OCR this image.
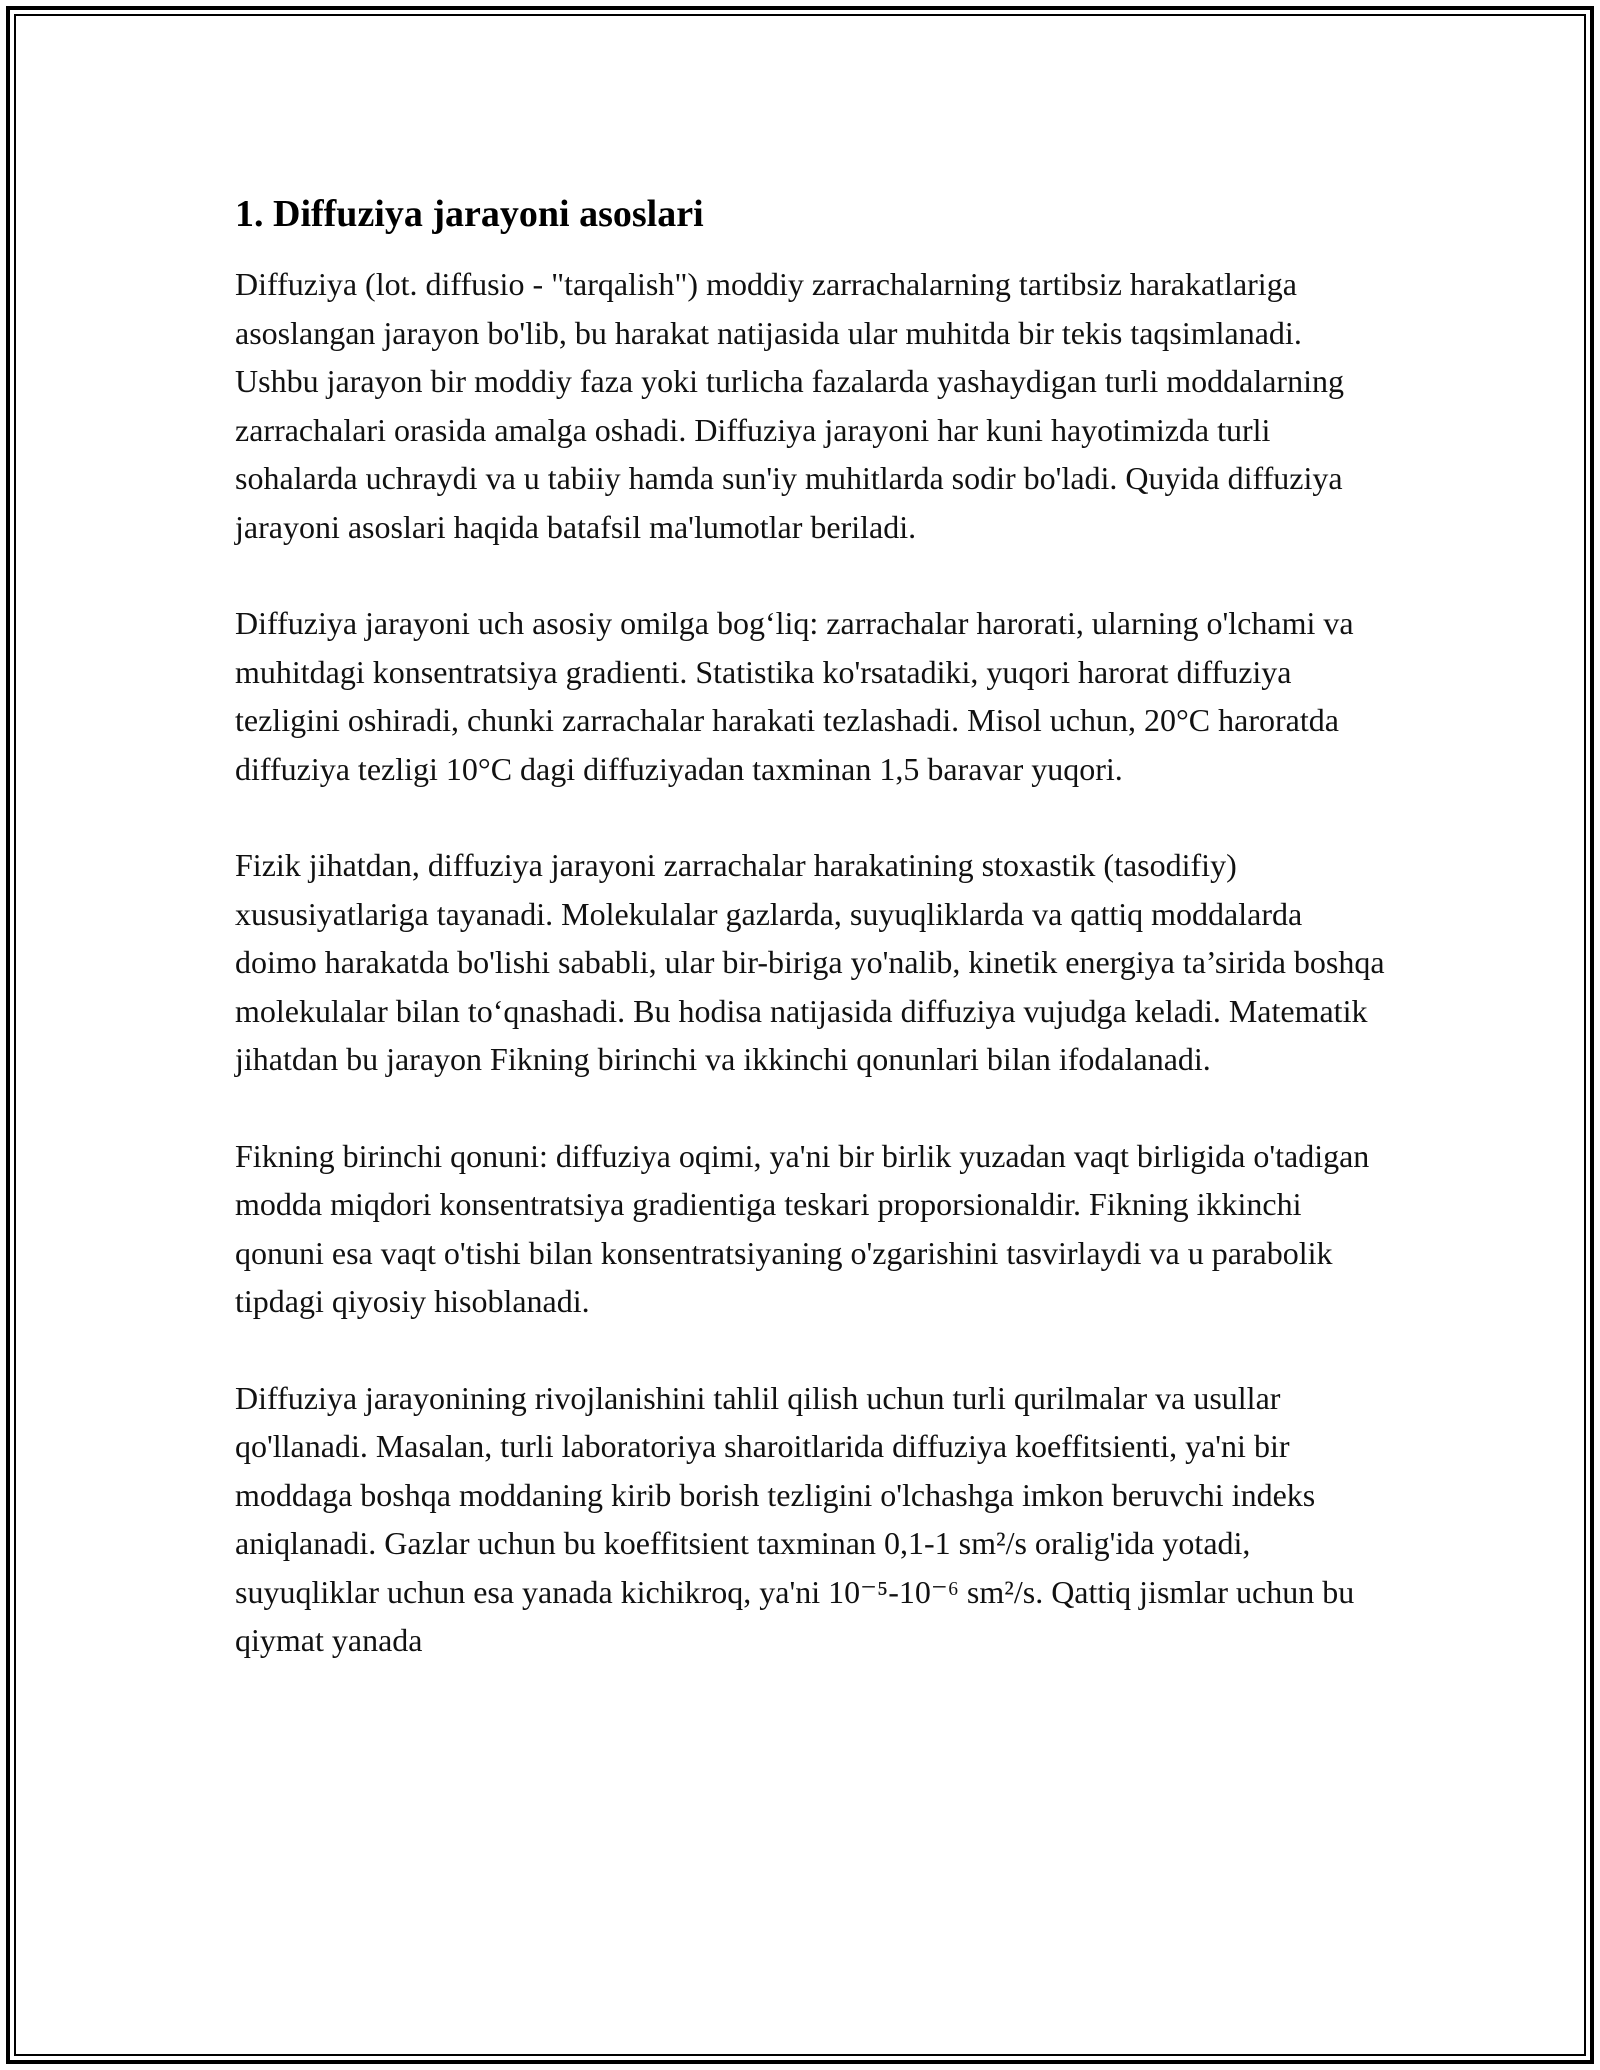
1. Diffuziya jarayoni asoslari

Diffuziya (lot. diffusio - "tarqalish") moddiy zarrachalarning tartibsiz harakatlariga asoslangan jarayon bo'lib, bu harakat natijasida ular muhitda bir tekis taqsimlanadi. Ushbu jarayon bir moddiy faza yoki turlicha fazalarda yashaydigan turli moddalarning zarrachalari orasida amalga oshadi. Diffuziya jarayoni har kuni hayotimizda turli sohalarda uchraydi va u tabiiy hamda sun'iy muhitlarda sodir bo'ladi. Quyida diffuziya jarayoni asoslari haqida batafsil ma'lumotlar beriladi.

Diffuziya jarayoni uch asosiy omilga bog‘liq: zarrachalar harorati, ularning o'lchami va muhitdagi konsentratsiya gradienti. Statistika ko'rsatadiki, yuqori harorat diffuziya tezligini oshiradi, chunki zarrachalar harakati tezlashadi. Misol uchun, 20°C haroratda diffuziya tezligi 10°C dagi diffuziyadan taxminan 1,5 baravar yuqori.

Fizik jihatdan, diffuziya jarayoni zarrachalar harakatining stoxastik (tasodifiy) xususiyatlariga tayanadi. Molekulalar gazlarda, suyuqliklarda va qattiq moddalarda doimo harakatda bo'lishi sababli, ular bir-biriga yo'nalib, kinetik energiya ta’sirida boshqa molekulalar bilan to‘qnashadi. Bu hodisa natijasida diffuziya vujudga keladi. Matematik jihatdan bu jarayon Fikning birinchi va ikkinchi qonunlari bilan ifodalanadi.

Fikning birinchi qonuni: diffuziya oqimi, ya'ni bir birlik yuzadan vaqt birligida o'tadigan modda miqdori konsentratsiya gradientiga teskari proporsionaldir. Fikning ikkinchi qonuni esa vaqt o'tishi bilan konsentratsiyaning o'zgarishini tasvirlaydi va u parabolik tipdagi qiyosiy hisoblanadi.

Diffuziya jarayonining rivojlanishini tahlil qilish uchun turli qurilmalar va usullar qo'llanadi. Masalan, turli laboratoriya sharoitlarida diffuziya koeffitsienti, ya'ni bir moddaga boshqa moddaning kirib borish tezligini o'lchashga imkon beruvchi indeks aniqlanadi. Gazlar uchun bu koeffitsient taxminan 0,1-1 sm²/s oralig'ida yotadi, suyuqliklar uchun esa yanada kichikroq, ya'ni 10⁻⁵-10⁻⁶ sm²/s. Qattiq jismlar uchun bu qiymat yanada
